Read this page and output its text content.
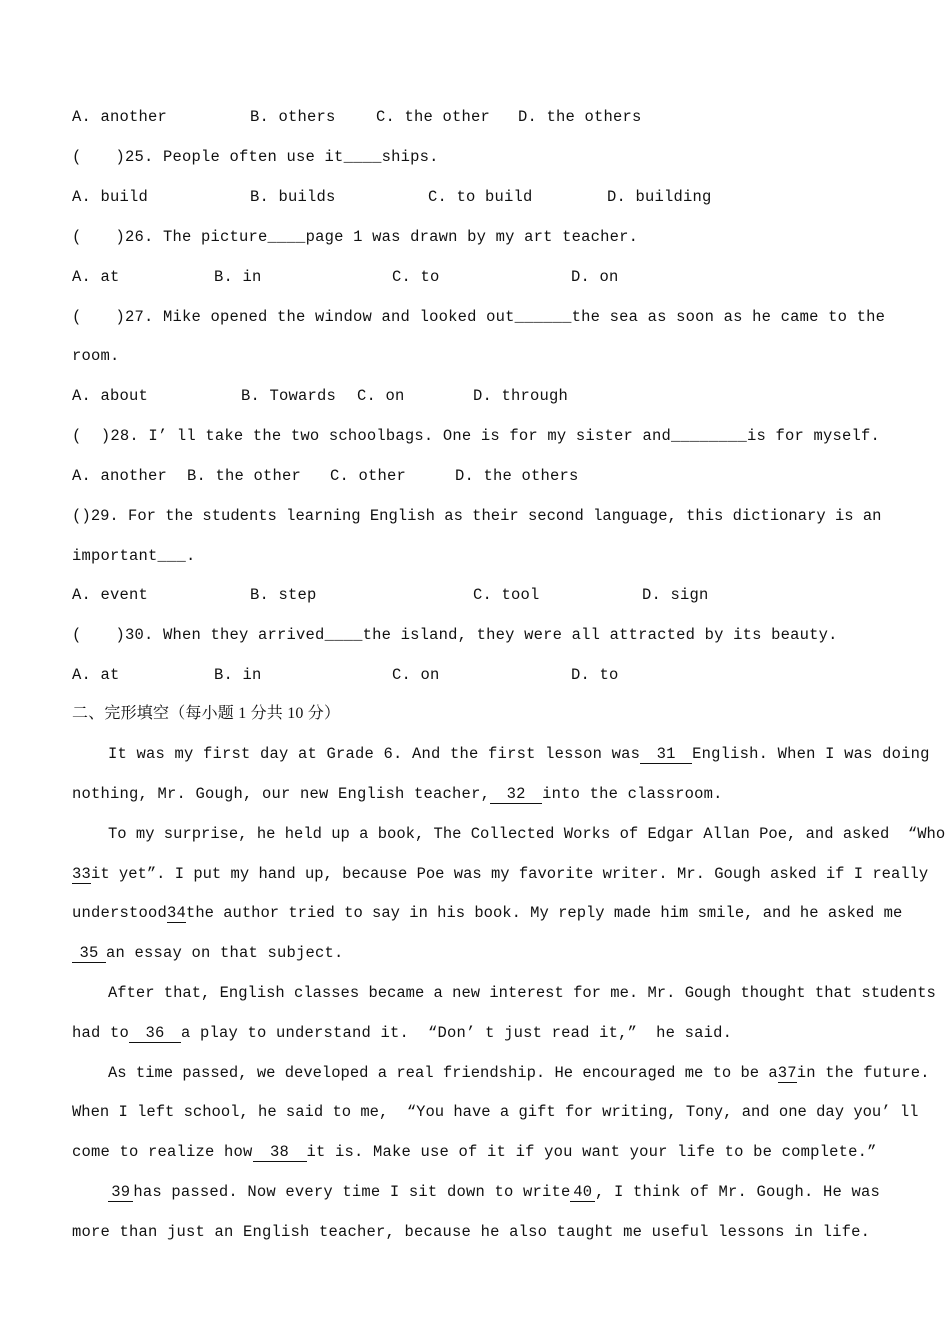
A. another	B. others	C. the other D. the others
( )25. People often use it ____ ships.
A. build	B. builds	C. to build	D. building
( )26. The picture ____ page 1 was drawn by my art teacher.
A. at	B. in	C. to	D. on
( )27. Mike opened the window and looked out ______ the sea as soon as he came to the
room.
A. about	B. Towards C. on	D. through
( )28. I’ ll take the two schoolbags. One is for my sister and ________ is for myself.
A. another B. the other C. other	D. the others
( )29. For the students learning English as their second language, this dictionary is an
important ___ .
A. event	B. step	C. tool	D. sign
( )30. When they arrived ____ the island, they were all attracted by its beauty.
A. at	B. in	C. on	D. to
二、完形填空（每小题 1 分共 10 分）
It was my first day at Grade 6. And the first lesson was 31 English. When I was doing
nothing, Mr. Gough, our new English teacher,	32	into the classroom.
To my surprise, he held up a book, The Collected Works of Edgar Allan Poe, and asked  “Who
33 it yet”. I put my hand up, because Poe was my favorite writer. Mr. Gough asked if I really
understood 34 the author tried to say in his book. My reply made him smile, and he asked me
35 an essay on that subject.
After that, English classes became a new interest for me. Mr. Gough thought that students
had to	36	a play to understand it.  “Don’ t just read it,”  he said.
As time passed, we developed a real friendship. He encouraged me to be a 37 in the future.
When I left school, he said to me,  “You have a gift for writing, Tony, and one day you’ ll
come to realize how	38	it is. Make use of it if you want your life to be complete.”
39 has passed. Now every time I sit down to write 40 , I think of Mr. Gough. He was
more than just an English teacher, because he also taught me useful lessons in life.
